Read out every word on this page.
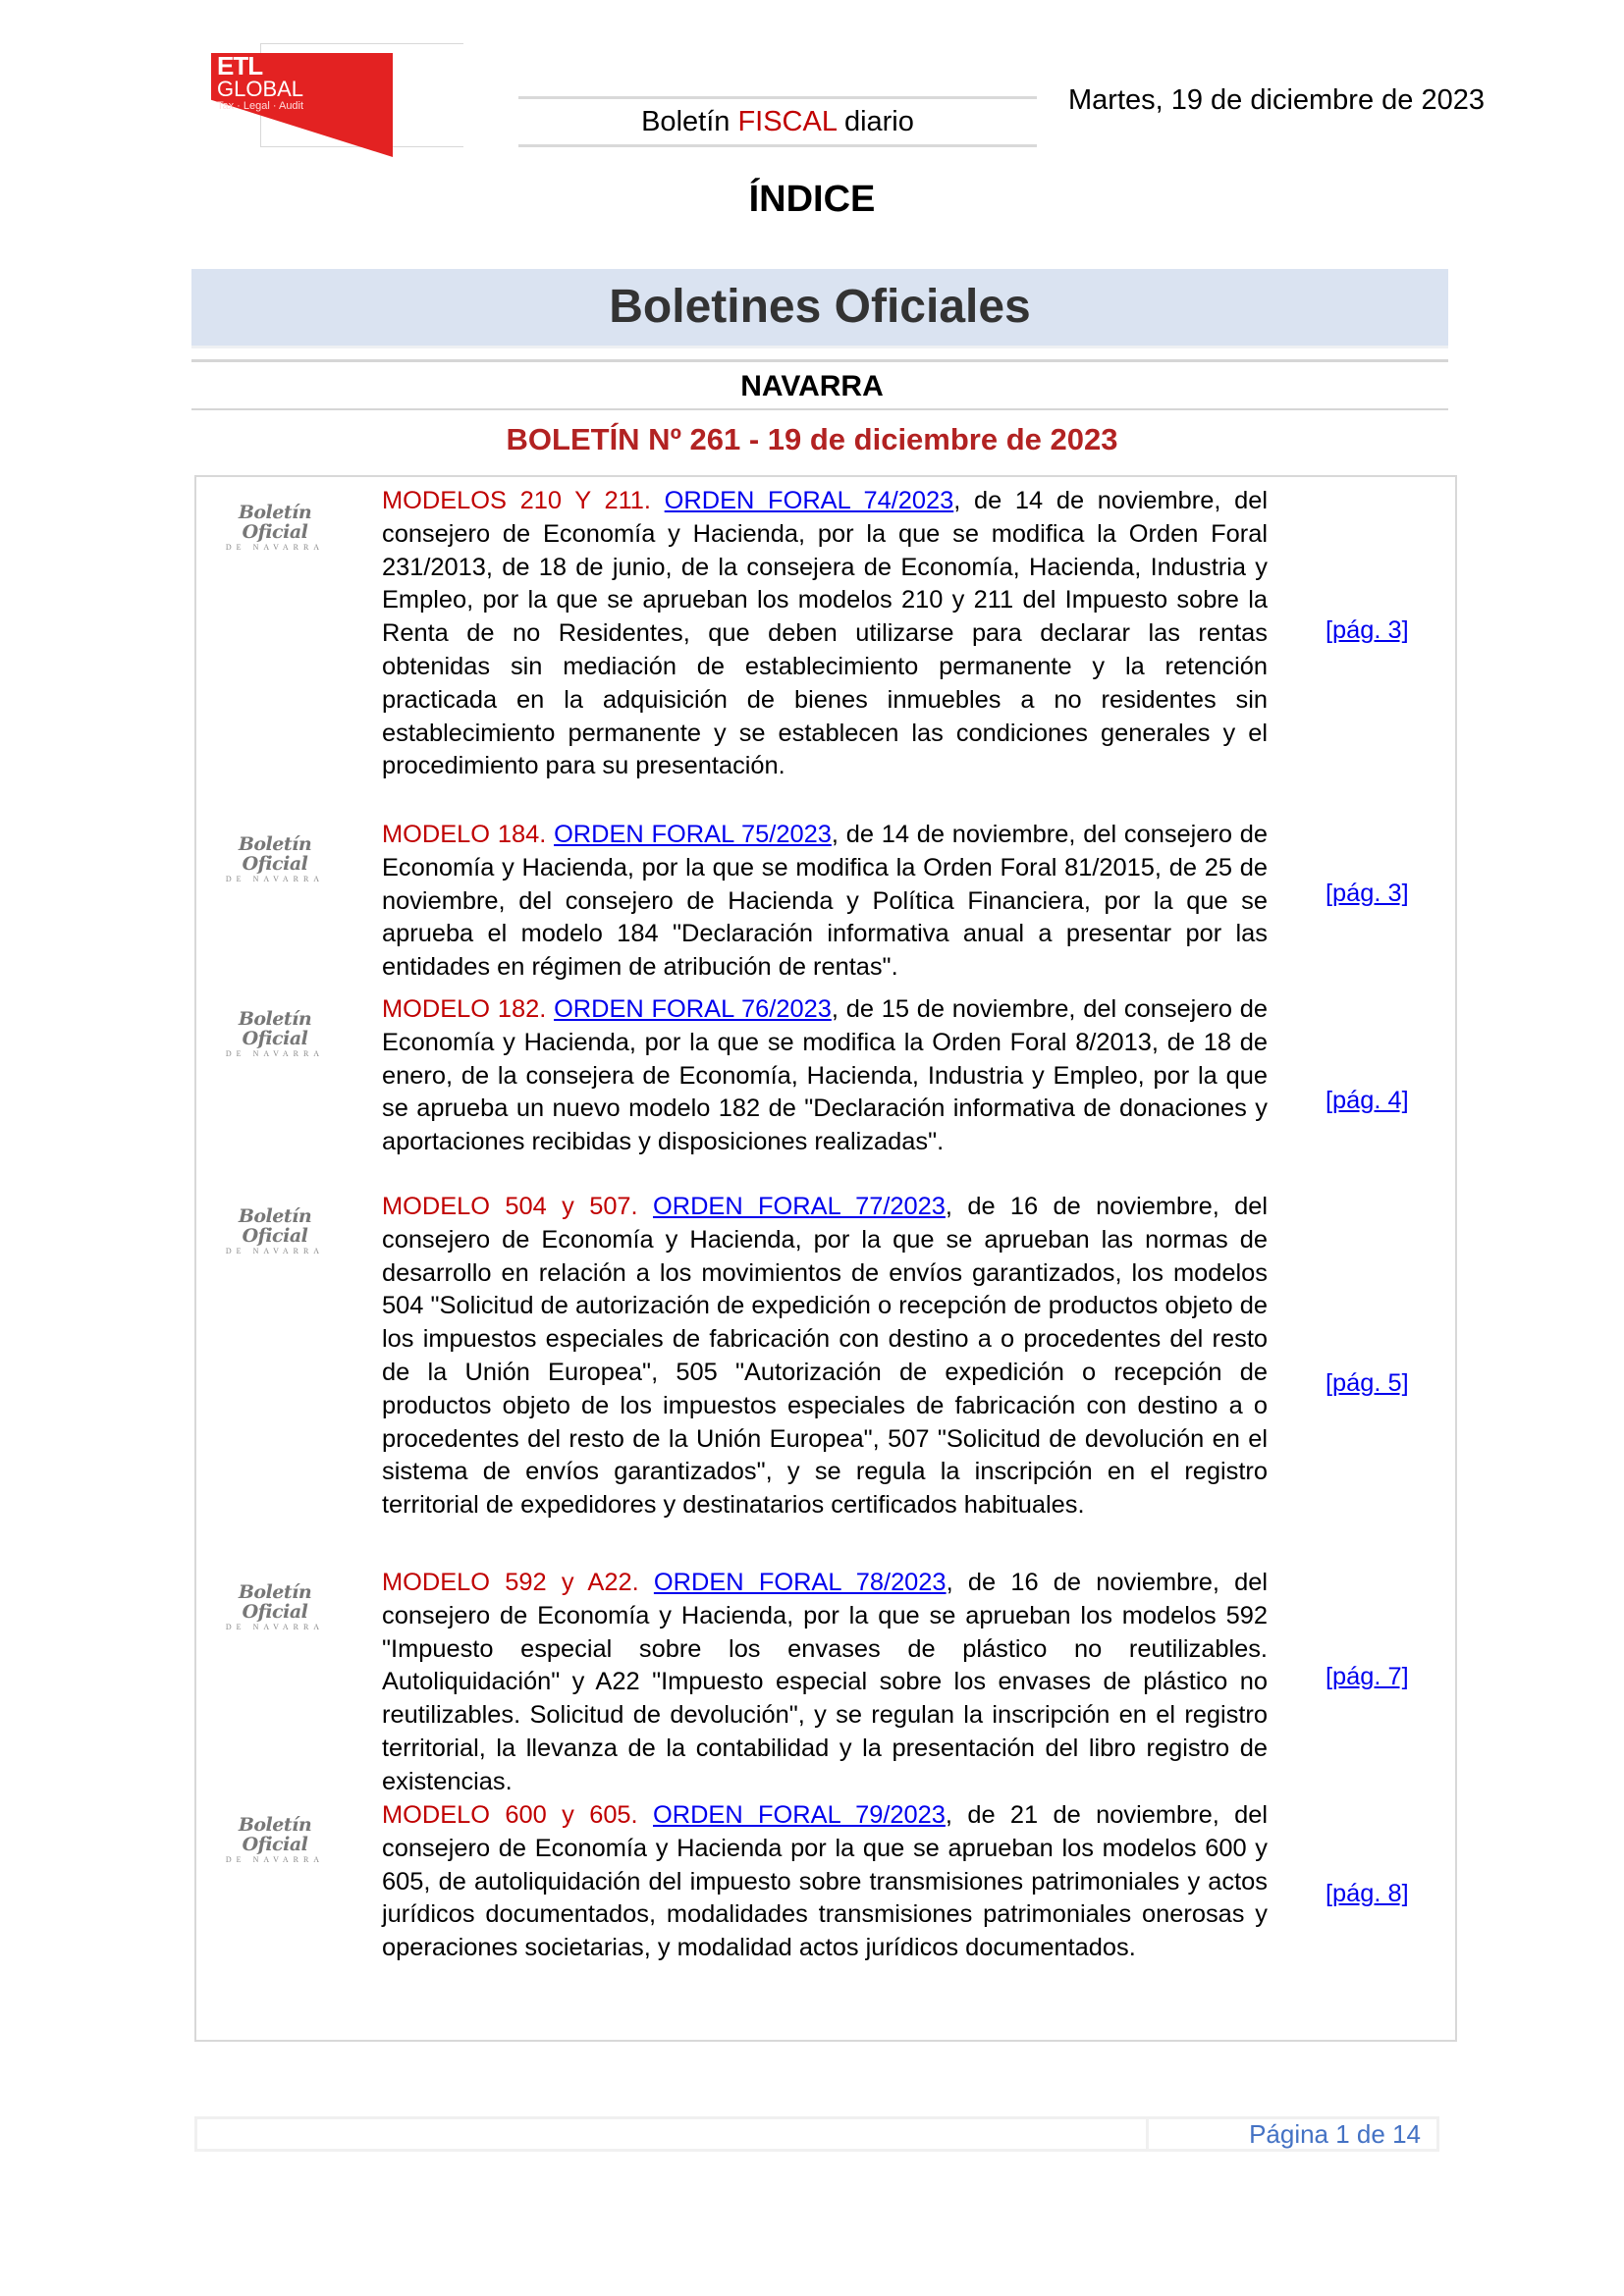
ETL
GLOBAL
Tax · Legal · Audit	Boletín FISCAL diario
Martes, 19 de diciembre de 2023
ÍNDICE
Boletines Oficiales
NAVARRA
BOLETÍN Nº 261 - 19 de diciembre de 2023
Boletín Oficial
DE NAVARRA
MODELOS 210 Y 211. ORDEN FORAL 74/2023, de 14 de noviembre, del consejero de Economía y Hacienda, por la que se modifica la Orden Foral 231/2013, de 18 de junio, de la consejera de Economía, Hacienda, Industria y Empleo, por la que se aprueban los modelos 210 y 211 del Impuesto sobre la Renta de no Residentes, que deben utilizarse para declarar las rentas obtenidas sin mediación de establecimiento permanente y la retención practicada en la adquisición de bienes inmuebles a no residentes sin establecimiento permanente y se establecen las condiciones generales y el procedimiento para su presentación.
[pág. 3]
Boletín Oficial
DE NAVARRA
MODELO 184. ORDEN FORAL 75/2023, de 14 de noviembre, del consejero de Economía y Hacienda, por la que se modifica la Orden Foral 81/2015, de 25 de noviembre, del consejero de Hacienda y Política Financiera, por la que se aprueba el modelo 184 "Declaración informativa anual a presentar por las entidades en régimen de atribución de rentas".
[pág. 3]
Boletín Oficial
DE NAVARRA
MODELO 182. ORDEN FORAL 76/2023, de 15 de noviembre, del consejero de Economía y Hacienda, por la que se modifica la Orden Foral 8/2013, de 18 de enero, de la consejera de Economía, Hacienda, Industria y Empleo, por la que se aprueba un nuevo modelo 182 de "Declaración informativa de donaciones y aportaciones recibidas y disposiciones realizadas".
[pág. 4]
Boletín Oficial
DE NAVARRA
MODELO 504 y 507. ORDEN FORAL 77/2023, de 16 de noviembre, del consejero de Economía y Hacienda, por la que se aprueban las normas de desarrollo en relación a los movimientos de envíos garantizados, los modelos 504 "Solicitud de autorización de expedición o recepción de productos objeto de los impuestos especiales de fabricación con destino a o procedentes del resto de la Unión Europea", 505 "Autorización de expedición o recepción de productos objeto de los impuestos especiales de fabricación con destino a o procedentes del resto de la Unión Europea", 507 "Solicitud de devolución en el sistema de envíos garantizados", y se regula la inscripción en el registro territorial de expedidores y destinatarios certificados habituales.
[pág. 5]
Boletín Oficial
DE NAVARRA
MODELO 592 y A22. ORDEN FORAL 78/2023, de 16 de noviembre, del consejero de Economía y Hacienda, por la que se aprueban los modelos 592 "Impuesto especial sobre los envases de plástico no reutilizables. Autoliquidación" y A22 "Impuesto especial sobre los envases de plástico no reutilizables. Solicitud de devolución", y se regulan la inscripción en el registro territorial, la llevanza de la contabilidad y la presentación del libro registro de existencias.
[pág. 7]
Boletín Oficial
DE NAVARRA
MODELO 600 y 605. ORDEN FORAL 79/2023, de 21 de noviembre, del consejero de Economía y Hacienda por la que se aprueban los modelos 600 y 605, de autoliquidación del impuesto sobre transmisiones patrimoniales y actos jurídicos documentados, modalidades transmisiones patrimoniales onerosas y operaciones societarias, y modalidad actos jurídicos documentados.
[pág. 8]
Página 1 de 14
